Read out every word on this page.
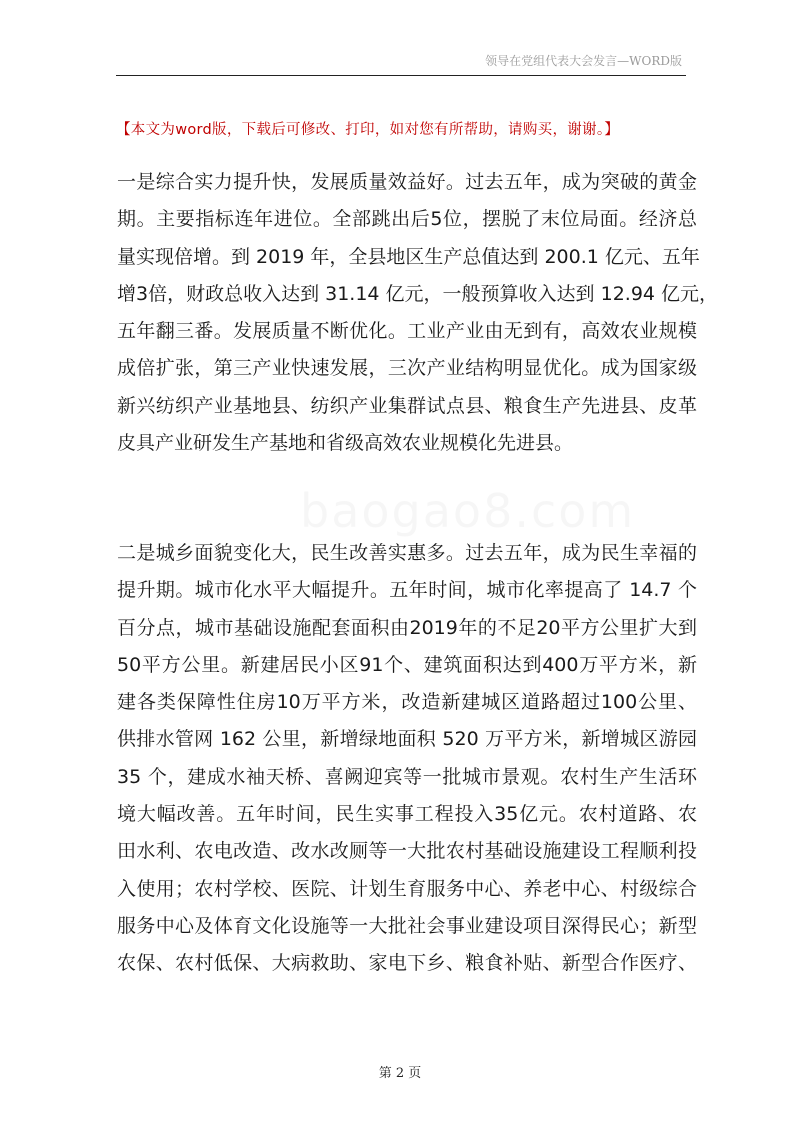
领导在党组代表大会发言—WORD版
【本文为word版，下载后可修改、打印，如对您有所帮助，请购买，谢谢。】
一是综合实力提升快，发展质量效益好。过去五年，成为突破的黄金
期。主要指标连年进位。全部跳出后5位，摆脱了末位局面。经济总
量实现倍增。到 2019 年，全县地区生产总值达到 200.1 亿元、五年
增3倍，财政总收入达到 31.14 亿元，一般预算收入达到 12.94 亿元，
五年翻三番。发展质量不断优化。工业产业由无到有，高效农业规模
成倍扩张，第三产业快速发展，三次产业结构明显优化。成为国家级
新兴纺织产业基地县、纺织产业集群试点县、粮食生产先进县、皮革
皮具产业研发生产基地和省级高效农业规模化先进县。
二是城乡面貌变化大，民生改善实惠多。过去五年，成为民生幸福的
提升期。城市化水平大幅提升。五年时间，城市化率提高了 14.7 个
百分点，城市基础设施配套面积由2019年的不足20平方公里扩大到
50平方公里。新建居民小区91个、建筑面积达到400万平方米，新
建各类保障性住房10万平方米，改造新建城区道路超过100公里、
供排水管网 162 公里，新增绿地面积 520 万平方米，新增城区游园
35 个，建成水袖天桥、喜阙迎宾等一批城市景观。农村生产生活环
境大幅改善。五年时间，民生实事工程投入35亿元。农村道路、农
田水利、农电改造、改水改厕等一大批农村基础设施建设工程顺利投
入使用；农村学校、医院、计划生育服务中心、养老中心、村级综合
服务中心及体育文化设施等一大批社会事业建设项目深得民心；新型
农保、农村低保、大病救助、家电下乡、粮食补贴、新型合作医疗、
第 2 页
